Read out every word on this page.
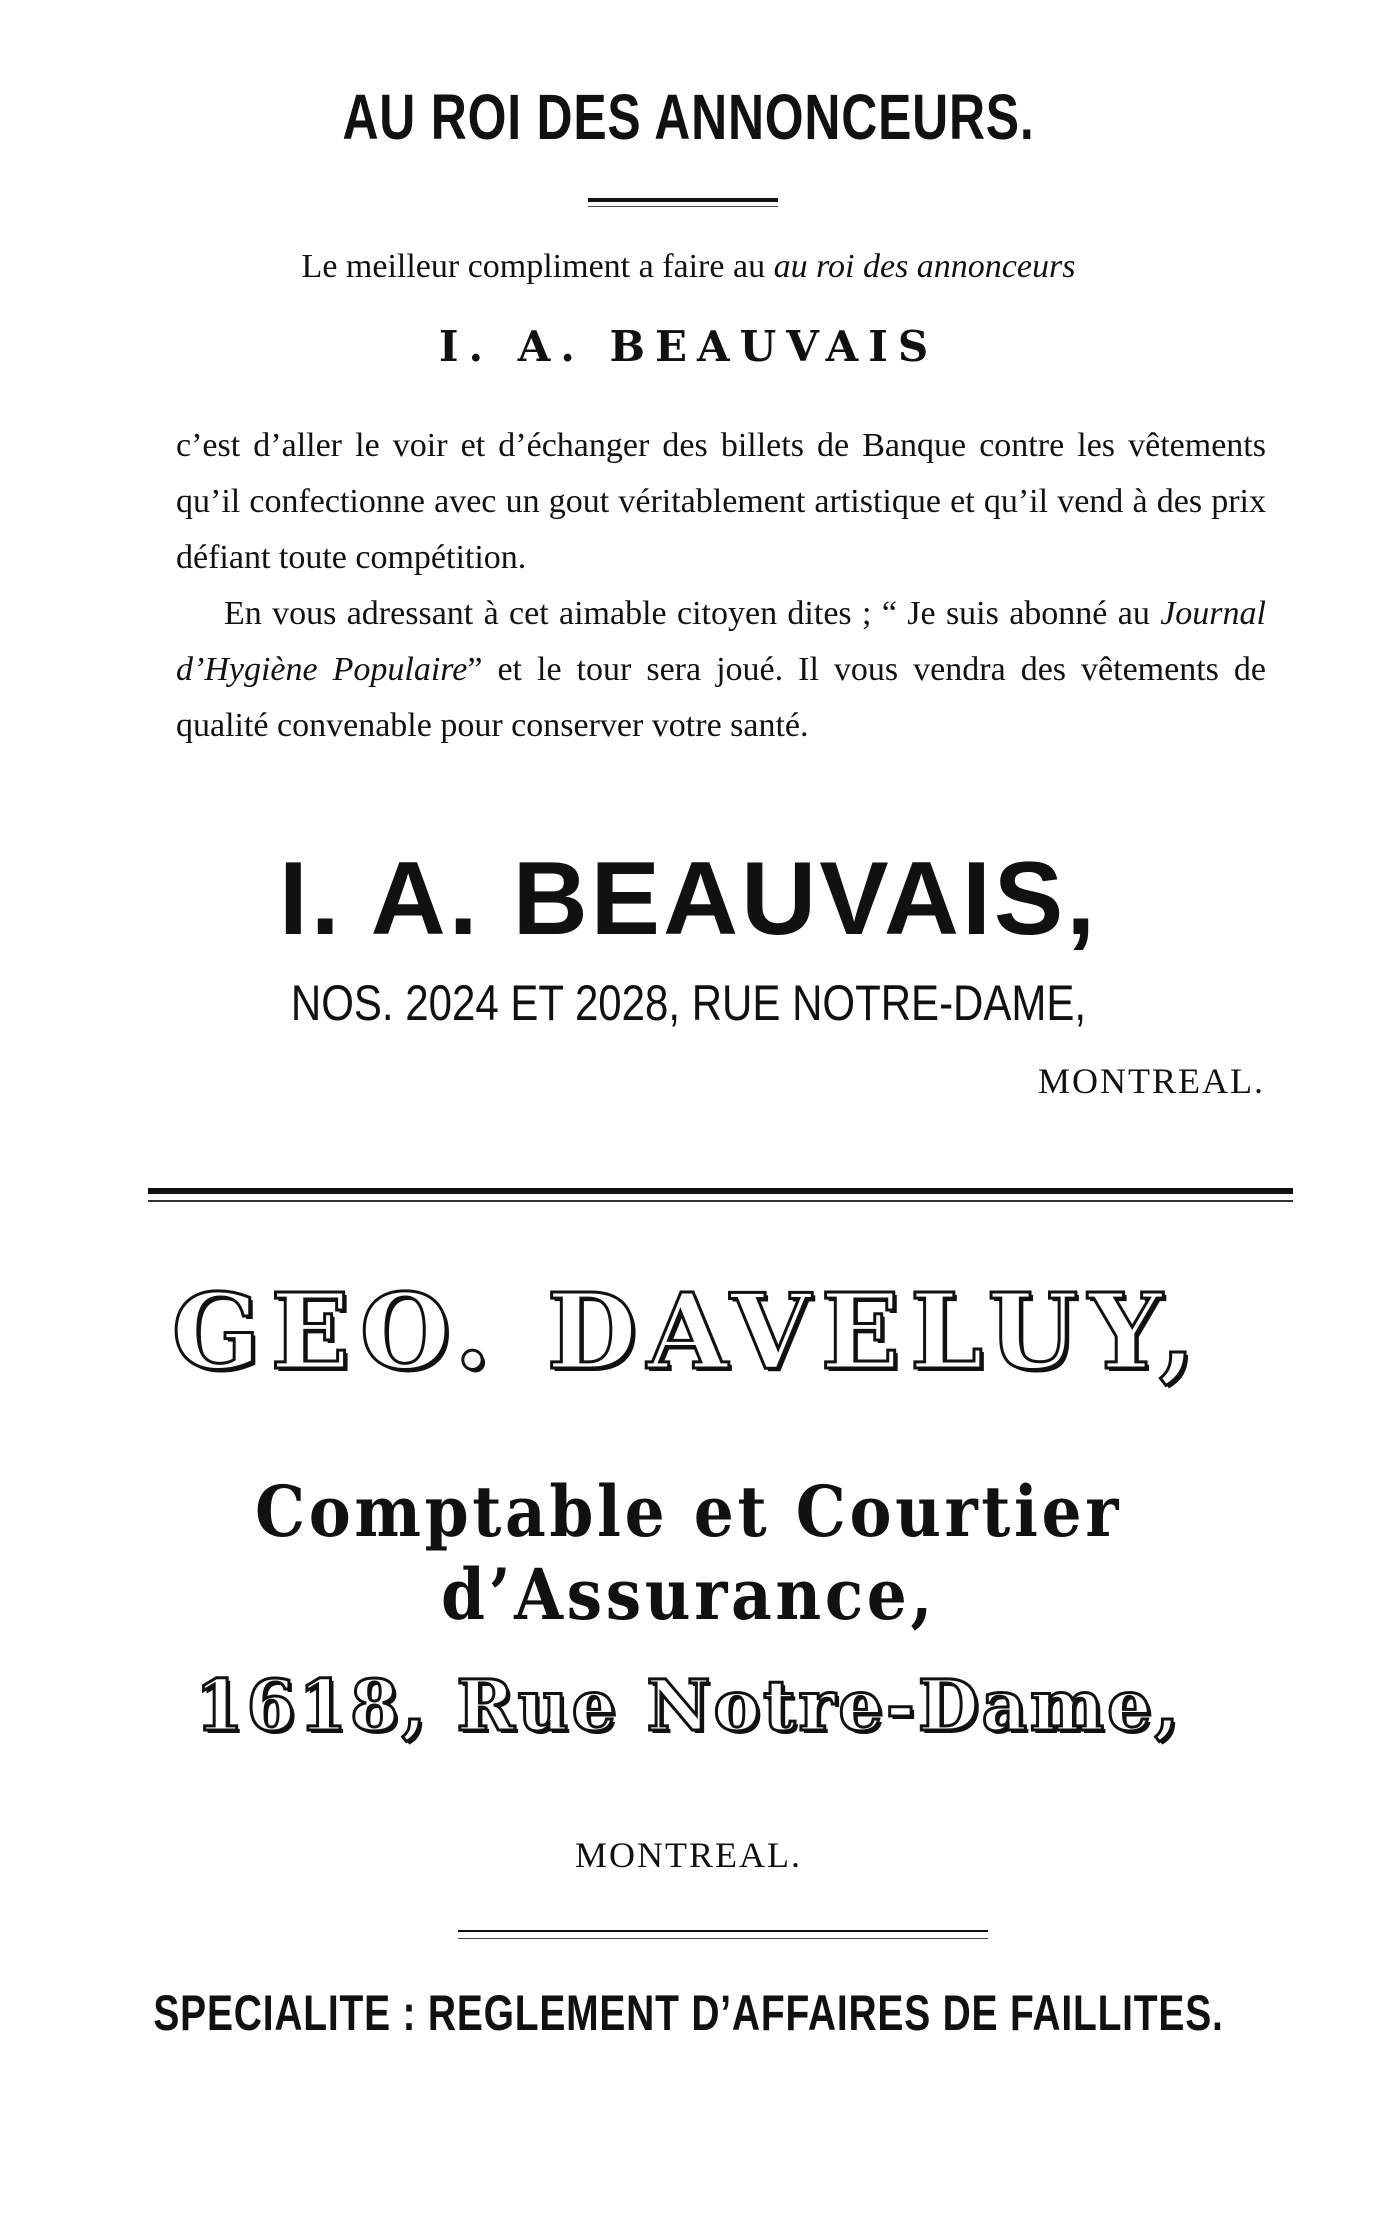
AU ROI DES ANNONCEURS.

Le meilleur compliment a faire au au roi des annonceurs

I. A. BEAUVAIS

c’est d’aller le voir et d’échanger des billets de Banque contre les vêtements qu’il confectionne avec un gout véritablement artistique et qu’il vend à des prix défiant toute compétition.

En vous adressant à cet aimable citoyen dites ; “ Je suis abonné au Journal d’Hygiène Populaire” et le tour sera joué. Il vous vendra des vêtements de qualité convenable pour conserver votre santé.

I. A. BEAUVAIS,

NOS. 2024 ET 2028, RUE NOTRE-DAME,

MONTREAL.

GEO. DAVELUY,

Comptable et Courtier d’Assurance,

1618, Rue Notre-Dame,

MONTREAL.

SPECIALITE : REGLEMENT D’AFFAIRES DE FAILLITES.
